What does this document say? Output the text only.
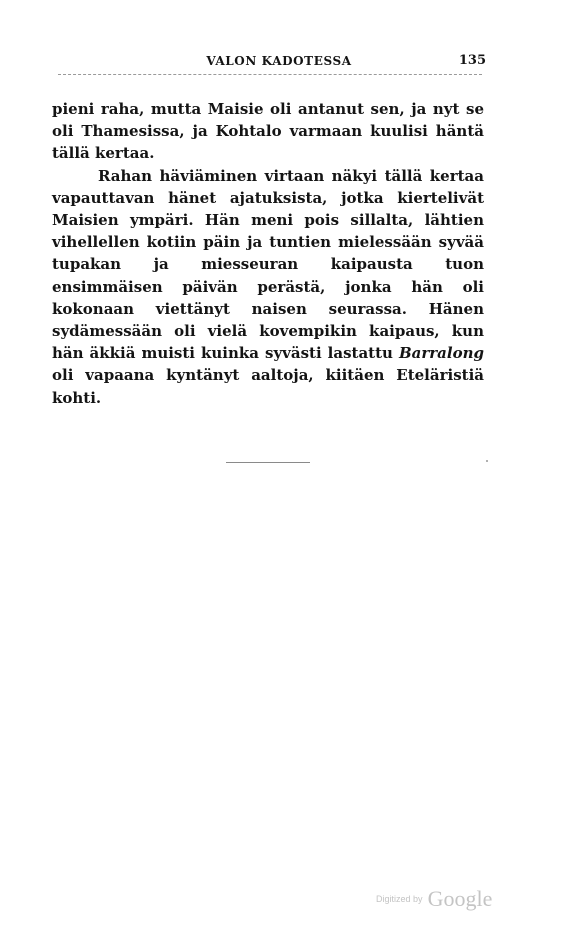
VALON KADOTESSA	135

pieni raha, mutta Maisie oli antanut sen, ja nyt se oli Thamesissa, ja Kohtalo varmaan kuulisi häntä tällä kertaa.

Rahan häviäminen virtaan näkyi tällä kertaa vapauttavan hänet ajatuksista, jotka kiertelivät Maisien ympäri. Hän meni pois sillalta, lähtien vihellellen kotiin päin ja tuntien mielessään syvää tupakan ja miesseuran kaipausta tuon ensimmäisen päivän perästä, jonka hän oli kokonaan viettänyt naisen seurassa. Hänen sydämessään oli vielä kovempikin kaipaus, kun hän äkkiä muisti kuinka syvästi lastattu Barralong oli vapaana kyntänyt aaltoja, kiitäen Eteläristiä kohti.

Digitized by Google
